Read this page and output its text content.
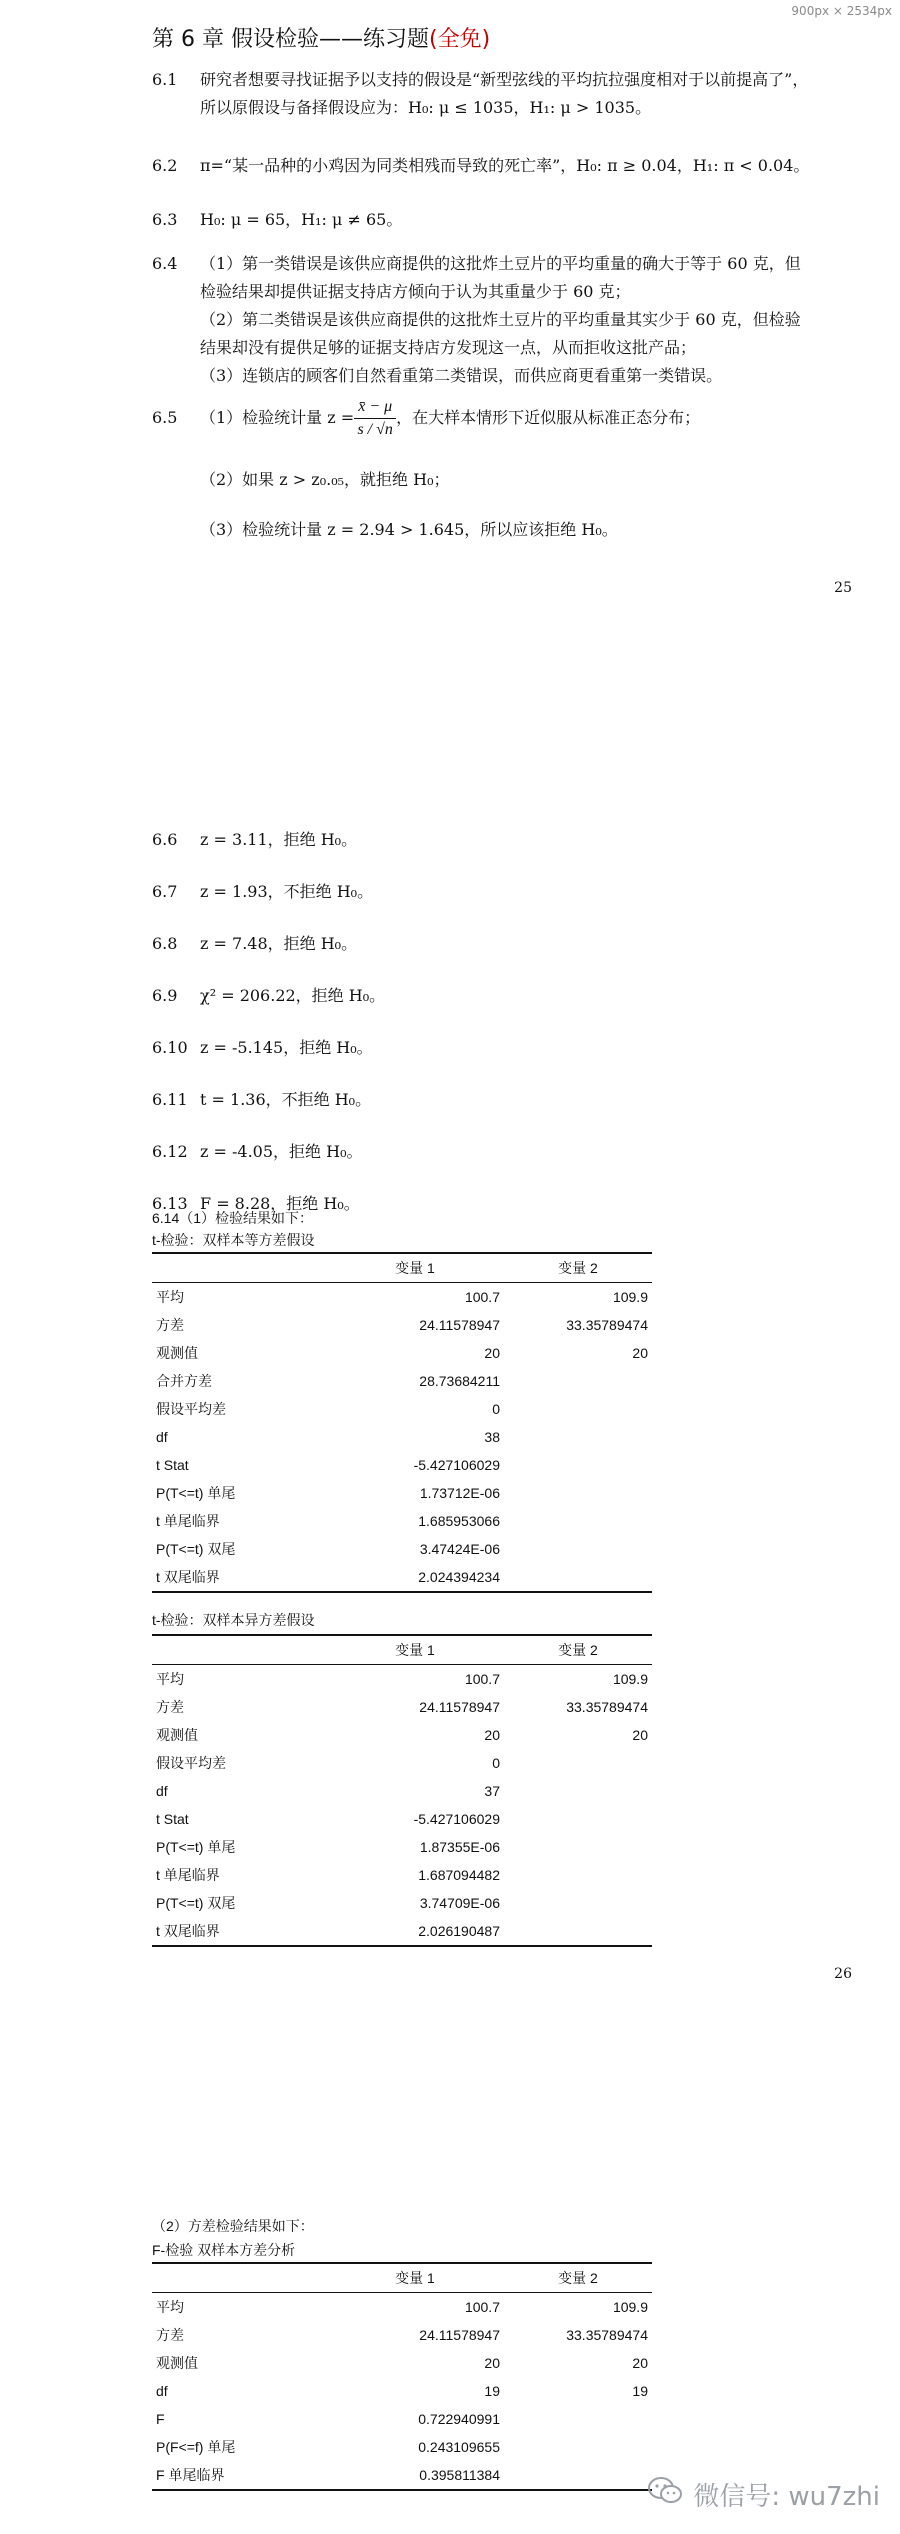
900px × 2534px
第 6 章 假设检验——练习题(全免)
6.1 研究者想要寻找证据予以支持的假设是“新型弦线的平均抗拉强度相对于以前提高了”，
所以原假设与备择假设应为：H₀: μ ≤ 1035，H₁: μ > 1035。
6.2 π=“某一品种的小鸡因为同类相残而导致的死亡率”，H₀: π ≥ 0.04，H₁: π < 0.04。
6.3 H₀: μ = 65，H₁: μ ≠ 65。
6.4 （1）第一类错误是该供应商提供的这批炸土豆片的平均重量的确大于等于 60 克，但
检验结果却提供证据支持店方倾向于认为其重量少于 60 克；
（2）第二类错误是该供应商提供的这批炸土豆片的平均重量其实少于 60 克，但检验
结果却没有提供足够的证据支持店方发现这一点，从而拒收这批产品；
（3）连锁店的顾客们自然看重第二类错误，而供应商更看重第一类错误。
6.5	（1）检验统计量 $z = \frac{x̄ - \mu}{s / √n}$ ，在大样本情形下近似服从标准正态分布；
（2）如果 z > z₀.₀₅，就拒绝 H₀；
（3）检验统计量 z = 2.94 > 1.645，所以应该拒绝 H₀。
25
6.6 z = 3.11，拒绝 H₀。
6.7 z = 1.93，不拒绝 H₀。
6.8 z = 7.48，拒绝 H₀。
6.9 χ² = 206.22，拒绝 H₀。
6.10 z = -5.145，拒绝 H₀。
6.11 t = 1.36，不拒绝 H₀。
6.12 z = -4.05，拒绝 H₀。
6.13 F = 8.28，拒绝 H₀。
6.14（1）检验结果如下：
t-检验：双样本等方差假设
	变量 1	变量 2
平均	100.7	109.9
方差	24.11578947	33.35789474
观测值	20	20
合并方差	28.73684211	
假设平均差	0	
df	38	
t Stat	-5.427106029	
P(T<=t) 单尾	1.73712E-06	
t 单尾临界	1.685953066	
P(T<=t) 双尾	3.47424E-06	
t 双尾临界	2.024394234	
t-检验：双样本异方差假设
	变量 1	变量 2
平均	100.7	109.9
方差	24.11578947	33.35789474
观测值	20	20
假设平均差	0	
df	37	
t Stat	-5.427106029	
P(T<=t) 单尾	1.87355E-06	
t 单尾临界	1.687094482	
P(T<=t) 双尾	3.74709E-06	
t 双尾临界	2.026190487	
26
（2）方差检验结果如下：
F-检验 双样本方差分析
	变量 1	变量 2
平均	100.7	109.9
方差	24.11578947	33.35789474
观测值	20	20
df	19	19
F	0.722940991	
P(F<=f) 单尾	0.243109655	
F 单尾临界	0.395811384	
微信号: wu7zhi
